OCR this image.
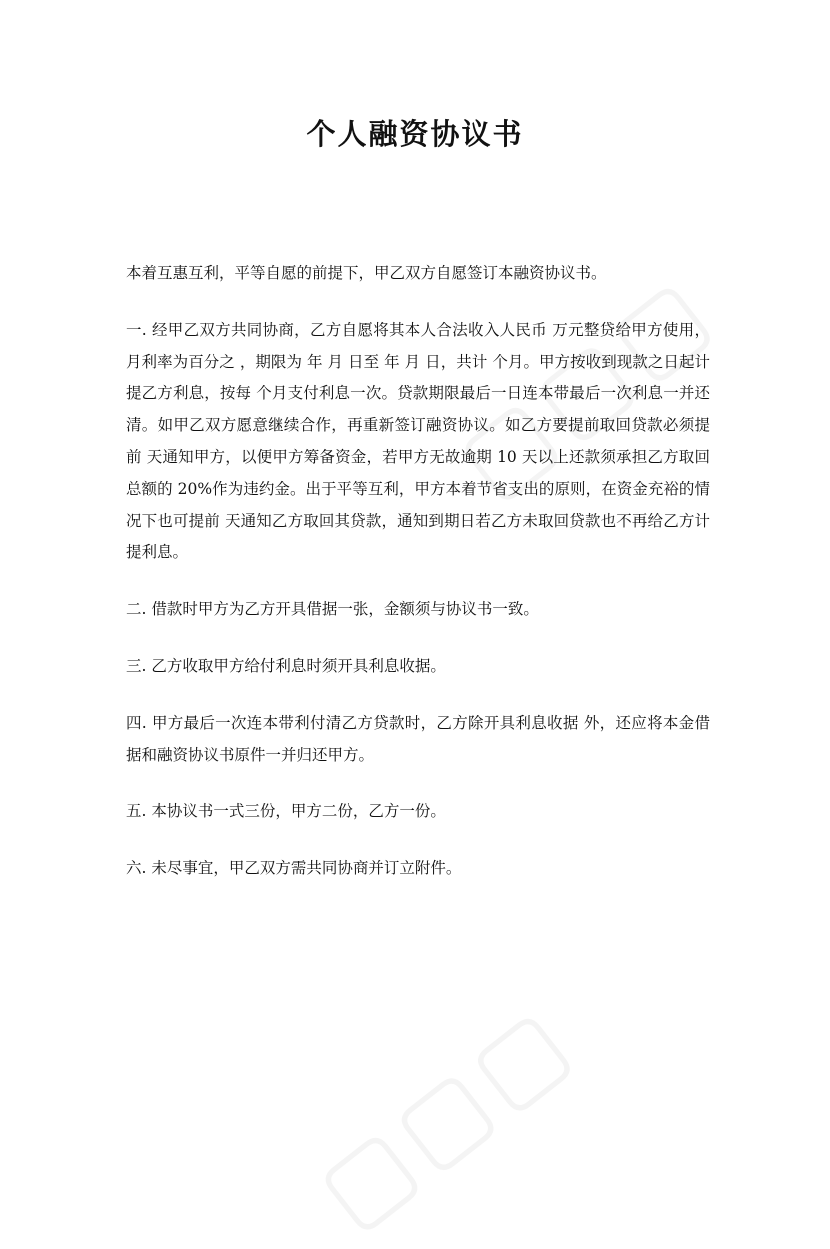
个人融资协议书

本着互惠互利，平等自愿的前提下，甲乙双方自愿签订本融资协议书。

一. 经甲乙双方共同协商，乙方自愿将其本人合法收入人民币 万元整贷给甲方使用，月利率为百分之 ，期限为 年 月 日至 年 月 日，共计 个月。甲方按收到现款之日起计提乙方利息，按每 个月支付利息一次。贷款期限最后一日连本带最后一次利息一并还清。如甲乙双方愿意继续合作，再重新签订融资协议。如乙方要提前取回贷款必须提前 天通知甲方，以便甲方筹备资金，若甲方无故逾期 10 天以上还款须承担乙方取回总额的 20%作为违约金。出于平等互利，甲方本着节省支出的原则，在资金充裕的情况下也可提前 天通知乙方取回其贷款，通知到期日若乙方未取回贷款也不再给乙方计提利息。

二. 借款时甲方为乙方开具借据一张，金额须与协议书一致。

三. 乙方收取甲方给付利息时须开具利息收据。

四. 甲方最后一次连本带利付清乙方贷款时，乙方除开具利息收据 外，还应将本金借据和融资协议书原件一并归还甲方。

五. 本协议书一式三份，甲方二份，乙方一份。

六. 未尽事宜，甲乙双方需共同协商并订立附件。
